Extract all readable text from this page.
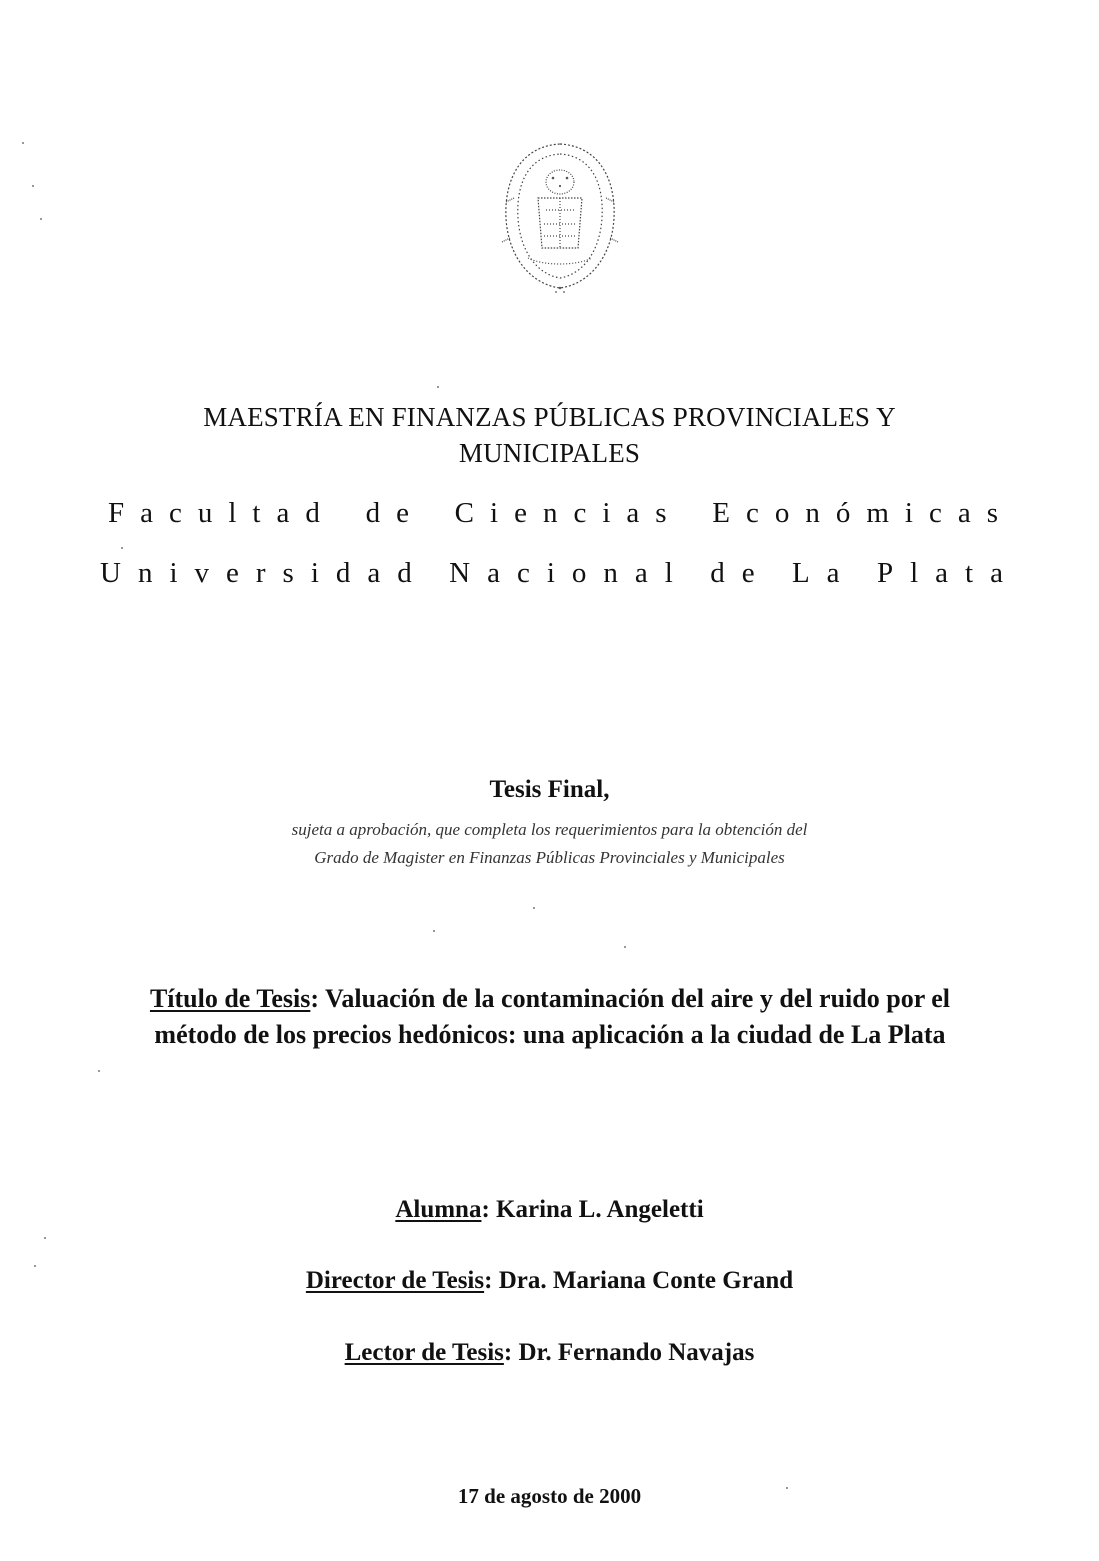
MAESTRÍA EN FINANZAS PÚBLICAS PROVINCIALES Y
MUNICIPALES
Facultad de Ciencias Económicas
Universidad Nacional de La Plata
Tesis Final,
sujeta a aprobación, que completa los requerimientos para la obtención del
Grado de Magister en Finanzas Públicas Provinciales y Municipales
Título de Tesis: Valuación de la contaminación del aire y del ruido por el
método de los precios hedónicos: una aplicación a la ciudad de La Plata
Alumna: Karina L. Angeletti
Director de Tesis: Dra. Mariana Conte Grand
Lector de Tesis: Dr. Fernando Navajas
17 de agosto de 2000
